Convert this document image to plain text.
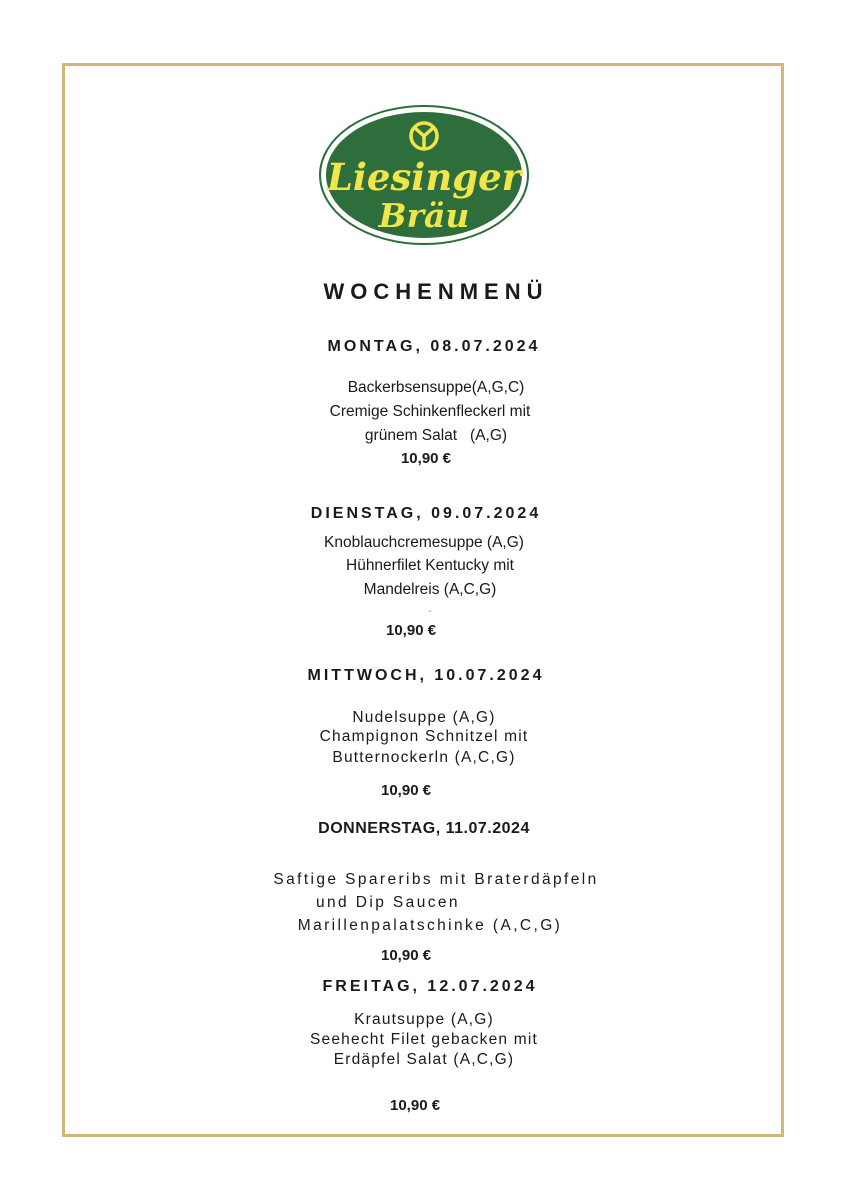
Liesinger
Bräu
WOCHENMENÜ
MONTAG, 08.07.2024
Backerbsensuppe(A,G,C)
Cremige Schinkenfleckerl mit
grünem Salat   (A,G)
10,90 €
DIENSTAG, 09.07.2024
Knoblauchcremesuppe (A,G)
Hühnerfilet Kentucky mit
Mandelreis (A,C,G)
-
10,90 €
MITTWOCH, 10.07.2024
Nudelsuppe (A,G)
Champignon Schnitzel mit
Butternockerln (A,C,G)
10,90 €
DONNERSTAG, 11.07.2024
Saftige Spareribs mit Braterdäpfeln
und Dip Saucen
Marillenpalatschinke (A,C,G)
10,90 €
FREITAG, 12.07.2024
Krautsuppe (A,G)
Seehecht Filet gebacken mit
Erdäpfel Salat (A,C,G)
10,90 €
